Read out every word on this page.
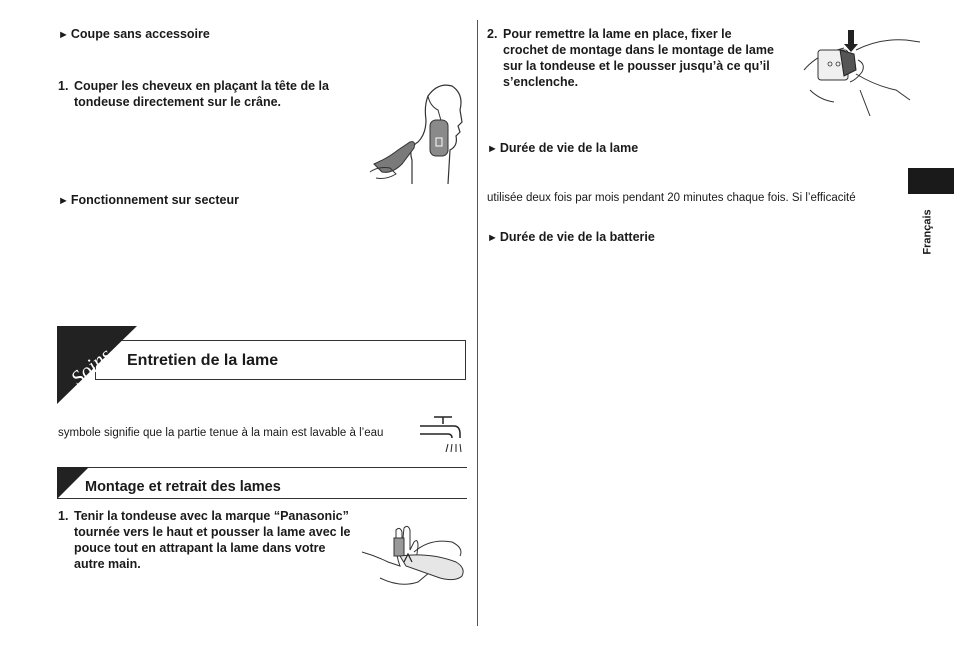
► Coupe sans accessoire
1. Couper les cheveux en plaçant la tête de la tondeuse directement sur le crâne.
► Fonctionnement sur secteur
Soins Entretien de la lame
symbole signifie que la partie tenue à la main est lavable à l’eau
Montage et retrait des lames
1. Tenir la tondeuse avec la marque “Panasonic” tournée vers le haut et pousser la lame avec le pouce tout en attrapant la lame dans votre autre main.
2. Pour remettre la lame en place, fixer le crochet de montage dans le montage de lame sur la tondeuse et le pousser jusqu’à ce qu’il s’enclenche.
► Durée de vie de la lame
utilisée deux fois par mois pendant 20 minutes chaque fois. Si l’efficacité
► Durée de vie de la batterie	Français
